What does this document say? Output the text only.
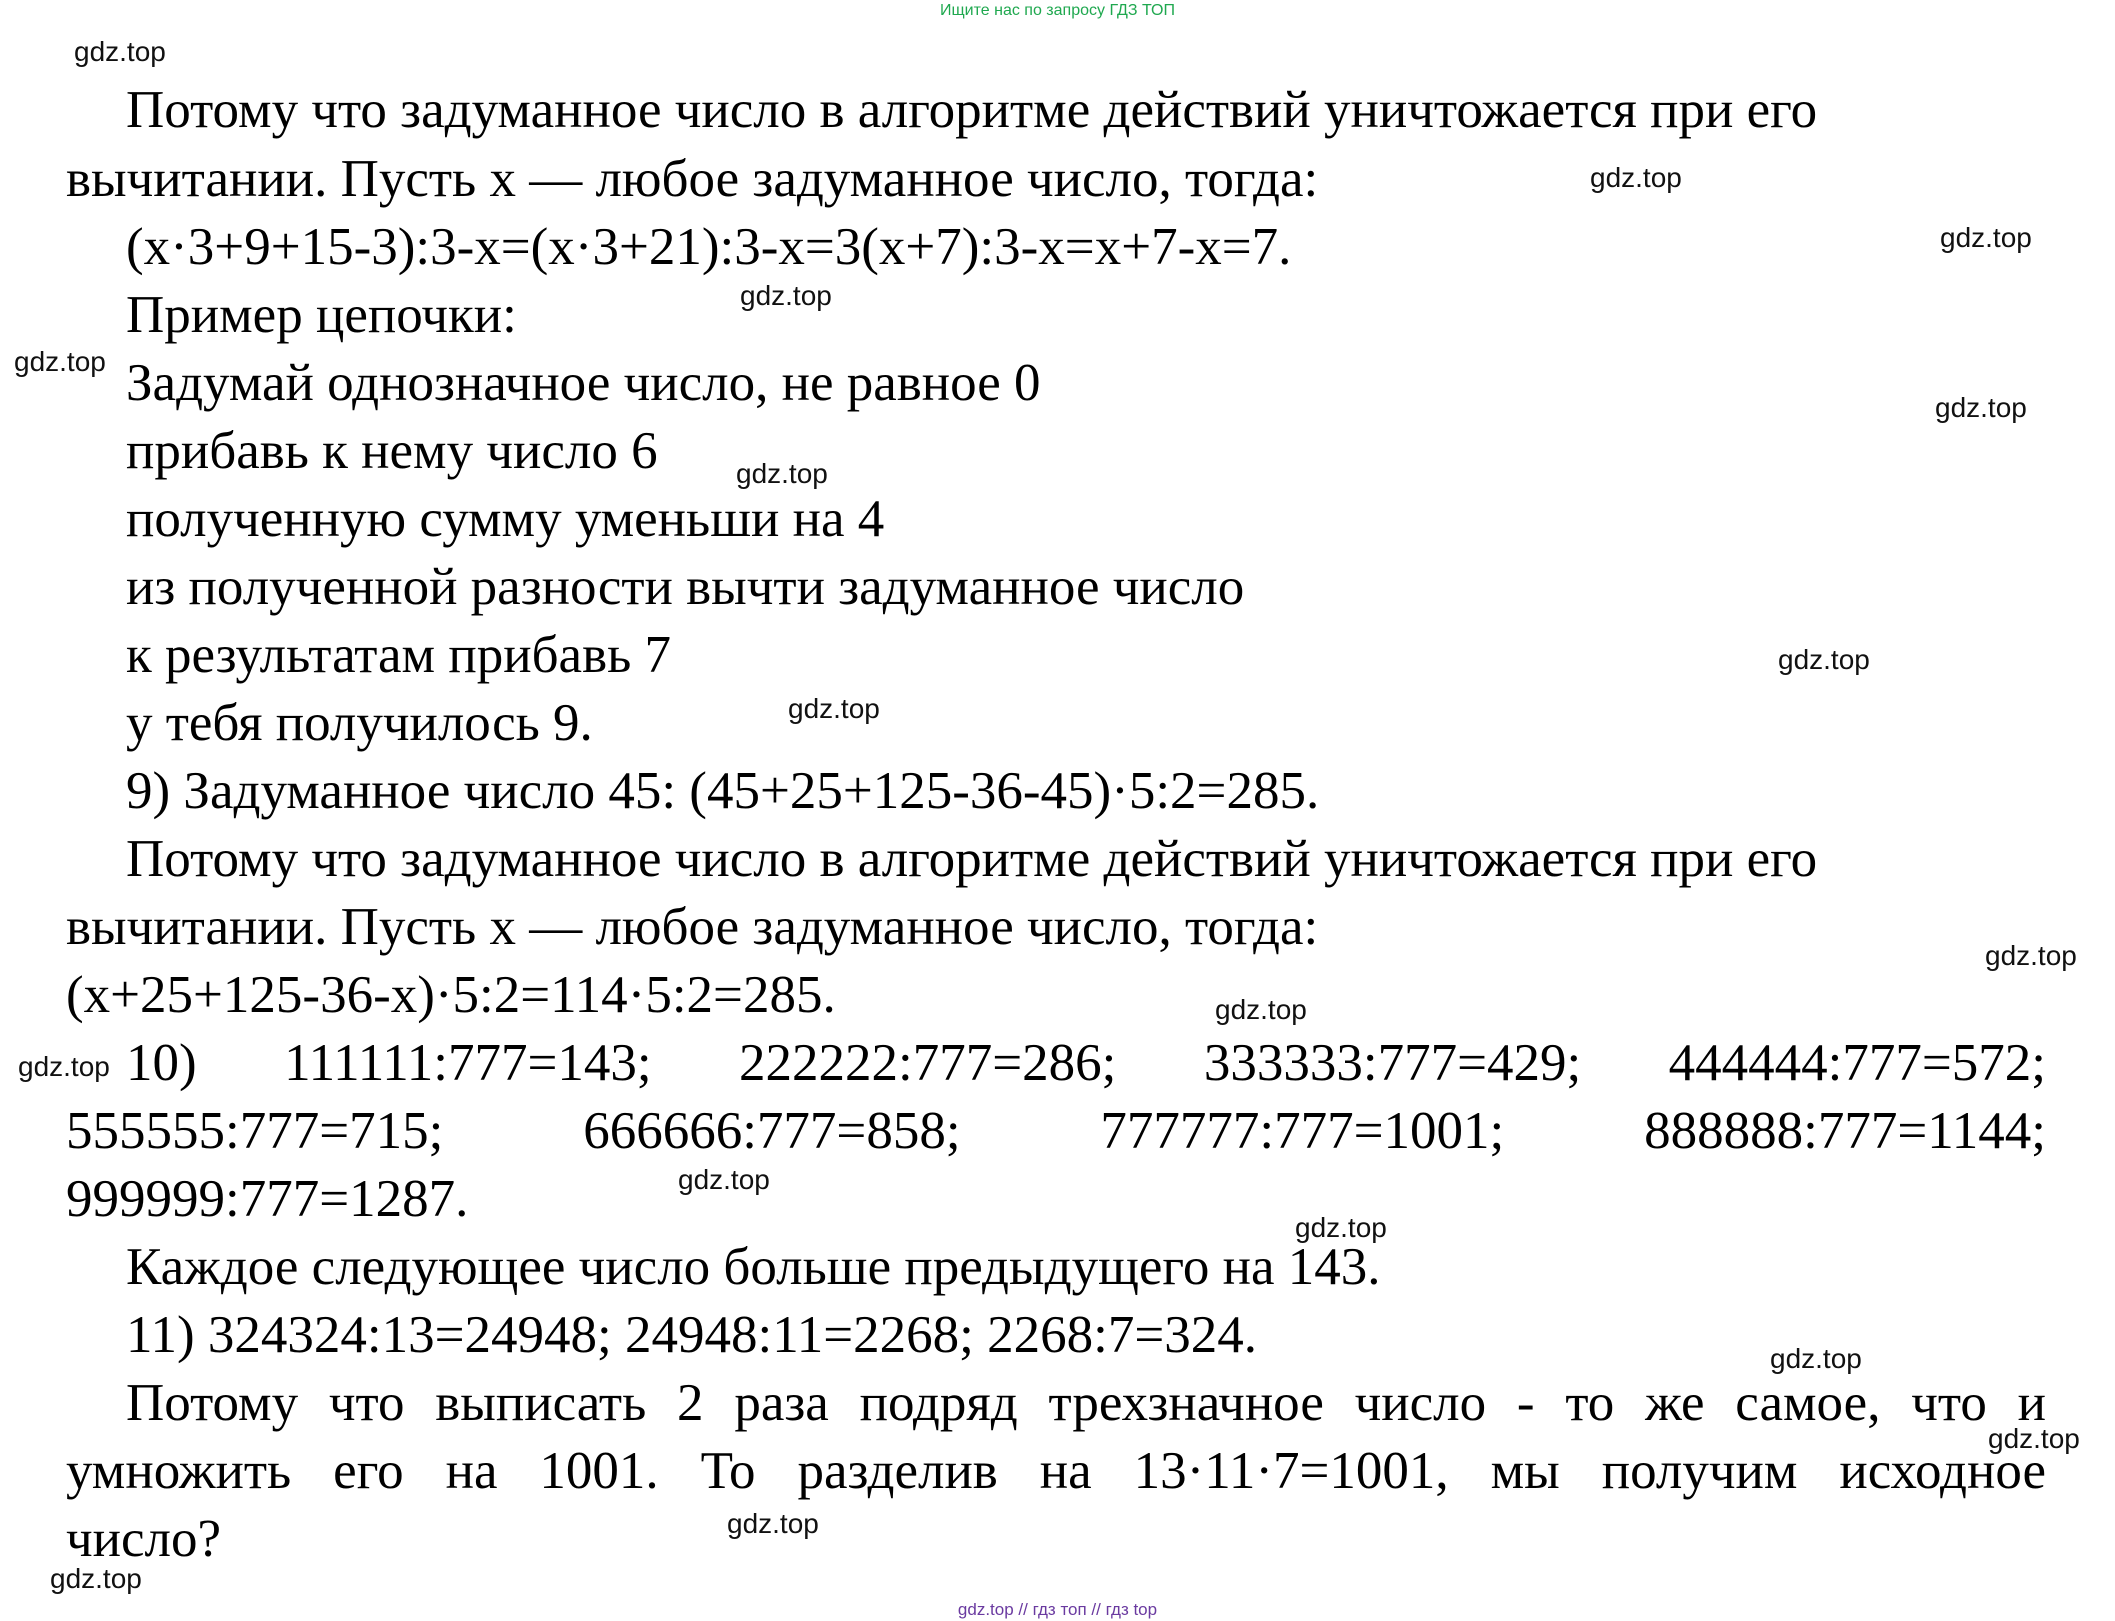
Ищите нас по запросу ГДЗ ТОП
Потому что задуманное число в алгоритме действий уничтожается при его
вычитании. Пусть х — любое задуманное число, тогда:
(х·3+9+15-3):3-х=(х·3+21):3-х=3(х+7):3-х=х+7-х=7.
Пример цепочки:
Задумай однозначное число, не равное 0
прибавь к нему число 6
полученную сумму уменьши на 4
из полученной разности вычти задуманное число
к результатам прибавь 7
у тебя получилось 9.
9) Задуманное число 45: (45+25+125-36-45)·5:2=285.
Потому что задуманное число в алгоритме действий уничтожается при его
вычитании. Пусть х — любое задуманное число, тогда:
(х+25+125-36-х)·5:2=114·5:2=285.
10) 111111:777=143; 222222:777=286; 333333:777=429; 444444:777=572;
555555:777=715; 666666:777=858; 777777:777=1001; 888888:777=1144;
999999:777=1287.
Каждое следующее число больше предыдущего на 143.
11) 324324:13=24948; 24948:11=2268; 2268:7=324.
Потому что выписать 2 раза подряд трехзначное число - то же самое, что и
умножить его на 1001. То разделив на 13·11·7=1001, мы получим исходное
число?
gdz.top
gdz.top
gdz.top
gdz.top
gdz.top
gdz.top
gdz.top
gdz.top
gdz.top
gdz.top
gdz.top
gdz.top
gdz.top
gdz.top
gdz.top
gdz.top
gdz.top
gdz.top
gdz.top // гдз топ // гдз top
